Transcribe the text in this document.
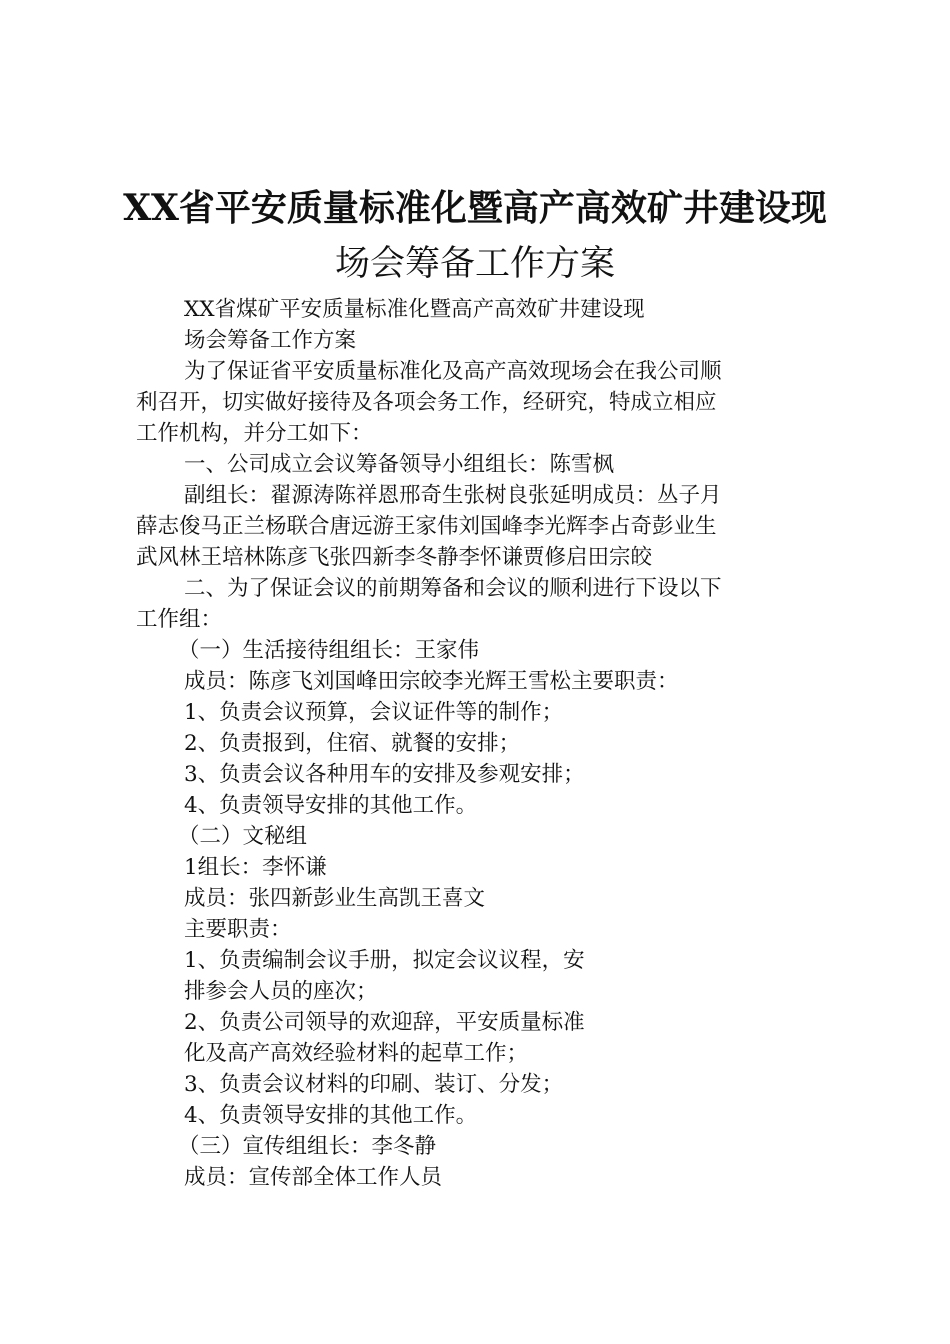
XX省平安质量标准化暨高产高效矿井建设现
场会筹备工作方案
XX省煤矿平安质量标准化暨高产高效矿井建设现
场会筹备工作方案
为了保证省平安质量标准化及高产高效现场会在我公司顺
利召开，切实做好接待及各项会务工作，经研究，特成立相应
工作机构，并分工如下：
一、公司成立会议筹备领导小组组长：陈雪枫
副组长：翟源涛陈祥恩邢奇生张树良张延明成员：丛子月
薛志俊马正兰杨联合唐远游王家伟刘国峰李光辉李占奇彭业生
武风林王培林陈彦飞张四新李冬静李怀谦贾修启田宗皎
二、为了保证会议的前期筹备和会议的顺利进行下设以下
工作组：
（一）生活接待组组长：王家伟
成员：陈彦飞刘国峰田宗皎李光辉王雪松主要职责：
1、负责会议预算，会议证件等的制作；
2、负责报到，住宿、就餐的安排；
3、负责会议各种用车的安排及参观安排；
4、负责领导安排的其他工作。
（二）文秘组
1组长：李怀谦
成员：张四新彭业生高凯王喜文
主要职责：
1、负责编制会议手册，拟定会议议程，安
排参会人员的座次；
2、负责公司领导的欢迎辞，平安质量标准
化及高产高效经验材料的起草工作；
3、负责会议材料的印刷、装订、分发；
4、负责领导安排的其他工作。
（三）宣传组组长：李冬静
成员：宣传部全体工作人员
